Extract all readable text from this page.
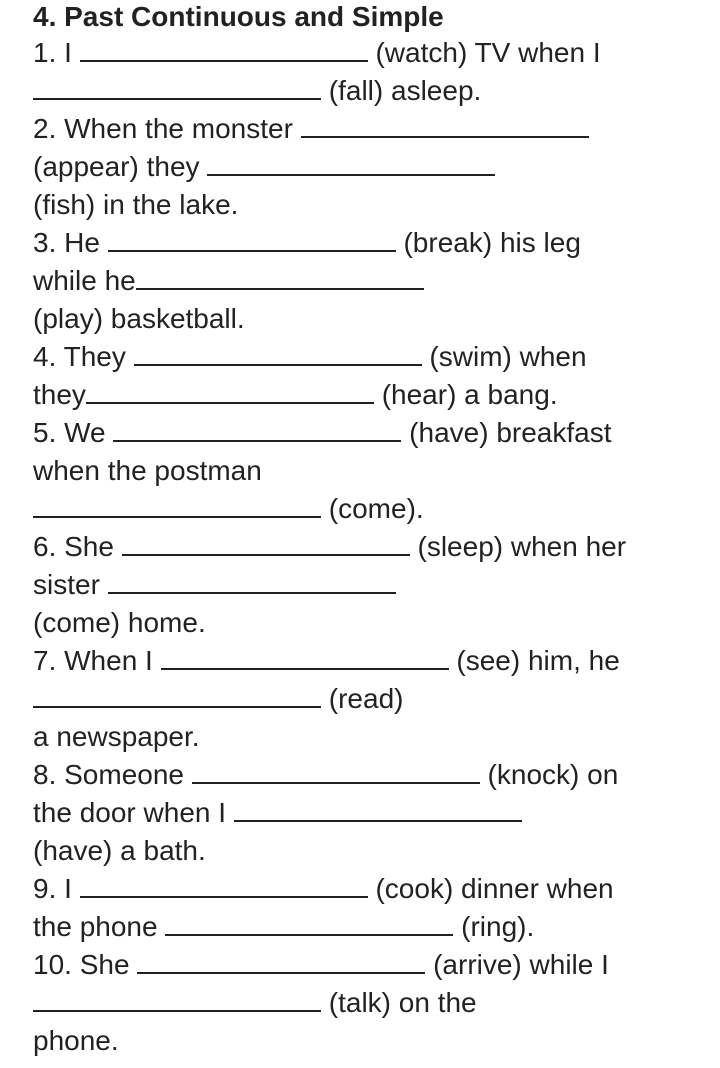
4. Past Continuous and Simple
1. I	(watch) TV when I
(fall) asleep.
2. When the monster
(appear) they
(fish) in the lake.
3. He	(break) his leg
while he
(play) basketball.
4. They	(swim) when
they	(hear) a bang.
5. We	(have) breakfast
when the postman
(come).
6. She	(sleep) when her
sister
(come) home.
7. When I	(see) him, he
(read)
a newspaper.
8. Someone	(knock) on
the door when I
(have) a bath.
9. I	(cook) dinner when
the phone	(ring).
10. She	(arrive) while I
(talk) on the
phone.
